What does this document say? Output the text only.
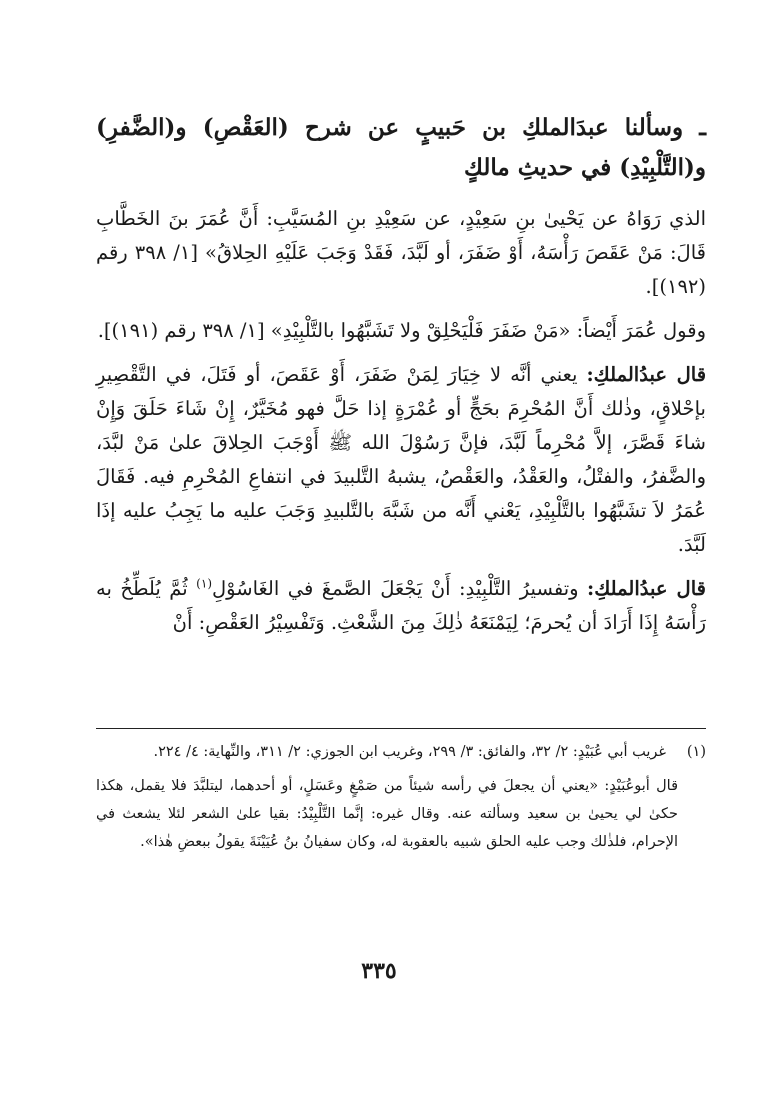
ـ وسألنا عبدَالملكِ بن حَبيبٍ عن شرح (العَقْصِ) و(الضَّفرِ) و(التَّلْبِيْدِ) في حديثِ مالكٍ

الذي رَوَاهُ عن يَحْيىٰ بنِ سَعِيْدٍ، عن سَعِيْدِ بنِ المُسَيَّبِ: أَنَّ عُمَرَ بنَ الخَطَّابِ قَالَ: مَنْ عَقَصَ رَأْسَهُ، أَوْ ضَفَرَ، أو لَبَّدَ، فَقَدْ وَجَبَ عَلَيْهِ الحِلاقُ» [١/ ٣٩٨ رقم (١٩٢)].

وقول عُمَرَ أَيْضاً: «مَنْ ضَفَرَ فَلْيَحْلِقْ ولا تَشَبَّهُوا بالتَّلْبِيْدِ» [١/ ٣٩٨ رقم (١٩١)].

قال عبدُالملكِ: يعني أنَّه لا خِيَارَ لِمَنْ ضَفَرَ، أَوْ عَقَصَ، أو فَتَلَ، في التَّقْصِيرِ بإحْلاقٍ، وذٰلك أَنَّ المُحْرِمَ بحَجٍّ أو عُمْرَةٍ إذا حَلَّ فهو مُخَيَّرٌ، إِنْ شَاءَ حَلَقَ وَإِنْ شاءَ قَصَّرَ، إلاَّ مُحْرِماً لَبَّدَ، فإنَّ رَسُوْلَ الله ﷺ أَوْجَبَ الحِلاقَ علىٰ مَنْ لبَّدَ، والضَّفرُ، والفتْلُ، والعَقْدُ، والعَقْصُ، يشبهُ التَّلبيدَ في انتفاعِ المُحْرِمِ فيه. فَقَالَ عُمَرُ لاَ تشَبَّهُوا بالتَّلْبِيْدِ، يَعْني أَنَّه من شَبَّهَ بالتَّلبيدِ وَجَبَ عليه ما يَجِبُ عليه إذَا لَبَّدَ.

قال عبدُالملكِ: وتفسيرُ التَّلْبِيْدِ: أَنْ يَجْعَلَ الصَّمغَ في الغَاسُوْلِ$^{(١)}$ ثُمَّ يُلَطِّخُ به رَأْسَهُ إِذَا أَرَادَ أن يُحرمَ؛ لِيَمْنَعَهُ ذٰلِكَ مِنَ الشَّعْثِ. وَتَفْسِيْرُ العَقْصِ: أَنْ

(١)
غريب أبي عُبَيْدٍ: ٢/ ٣٢، والفائق: ٣/ ٢٩٩، وغريب ابن الجوزي: ٢/ ٣١١، والنِّهاية: ٤/ ٢٢٤.

قال أبوعُبَيْدٍ: «يعني أن يجعلَ في رأسه شيئاً من صَمْغٍ وعَسَلٍ، أو أحدهما، ليتلبَّدَ فلا يقمل، هكذا حكىٰ لي يحيىٰ بن سعيد وسألته عنه. وقال غيره: إنَّما التَّلْبِيْدُ: بقيا علىٰ الشعر لئلا يشعث في الإحرام، فلذٰلك وجب عليه الحلق شبيه بالعقوبة له، وكان سفيانُ بنُ عُيَيْنَةَ يقولُ ببعضِ هٰذا».

٣٣٥
